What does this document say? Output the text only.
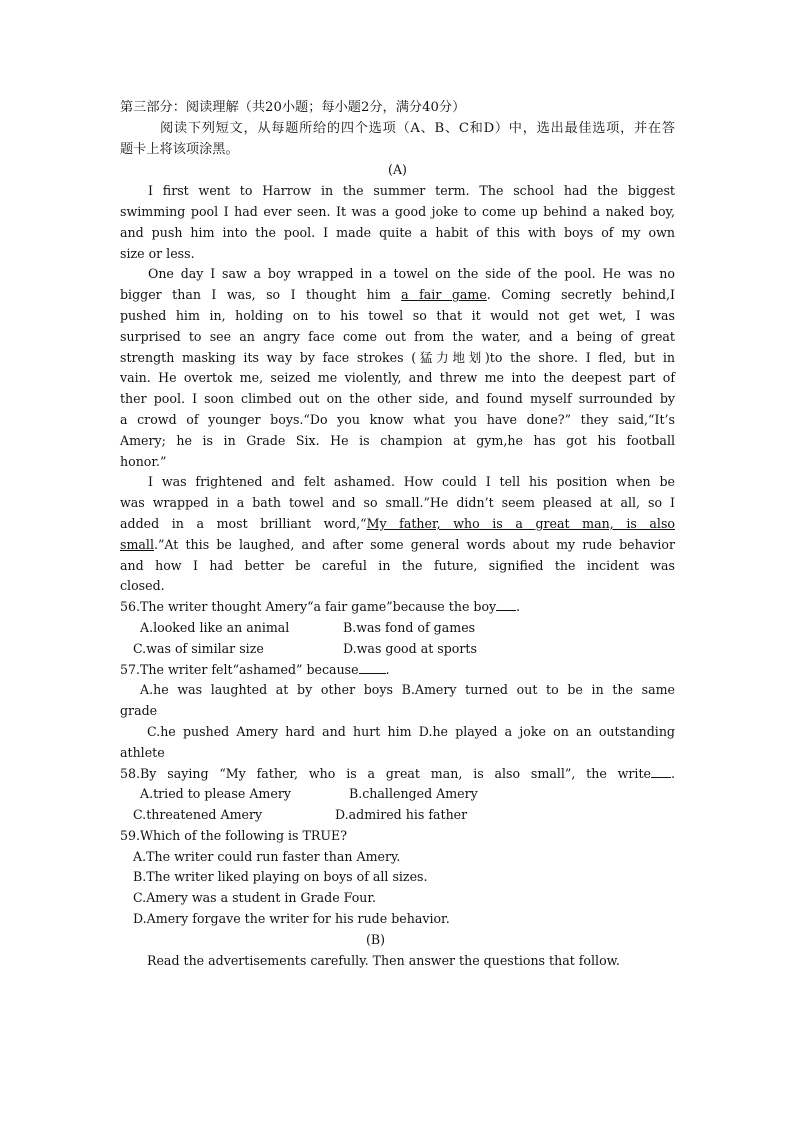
第三部分：阅读理解（共20小题；每小题2分，满分40分）

阅读下列短文，从每题所给的四个选项（A、B、C和D）中，选出最佳选项，并在答

题卡上将该项涂黑。

(A)

I first went to Harrow in the summer term. The school had the biggest

swimming pool I had ever seen. It was a good joke to come up behind a naked boy,

and push him into the pool. I made quite a habit of this with boys of my own

size or less.

One day I saw a boy wrapped in a towel on the side of the pool. He was no

bigger than I was, so I thought him a fair game. Coming secretly behind,I

pushed him in, holding on to his towel so that it would not get wet, I was

surprised to see an angry face come out from the water, and a being of great

strength masking its way by face strokes (猛力地划)to the shore. I fled, but in

vain. He overtok me, seized me violently, and threw me into the deepest part of

ther pool. I soon climbed out on the other side, and found myself surrounded by

a crowd of younger boys.“Do you know what you have done?” they said,“It’s

Amery; he is in Grade Six. He is champion at gym,he has got his football

honor.”

I was frightened and felt ashamed. How could I tell his position when be

was wrapped in a bath towel and so small.”He didn’t seem pleased at all, so I

added in a most brilliant word,“My father, who is a great man, is also

small.”At this be laughed, and after some general words about my rude behavior

and how I had better be careful in the future, signified the incident was

closed.

56.The writer thought Amery“a fair game”because the boy .

A.looked like an animal	B.was fond of games

C.was of similar size	D.was good at sports

57.The writer felt“ashamed” because .

A.he was laughted at by other boys B.Amery turned out to be in the same

grade

C.he pushed Amery hard and hurt him D.he played a joke on an outstanding

athlete

58.By saying “My father, who is a great man, is also small”, the write .

A.tried to please Amery	B.challenged Amery

C.threatened Amery	D.admired his father

59.Which of the following is TRUE?

A.The writer could run faster than Amery.

B.The writer liked playing on boys of all sizes.

C.Amery was a student in Grade Four.

D.Amery forgave the writer for his rude behavior.

(B)

Read the advertisements carefully. Then answer the questions that follow.
